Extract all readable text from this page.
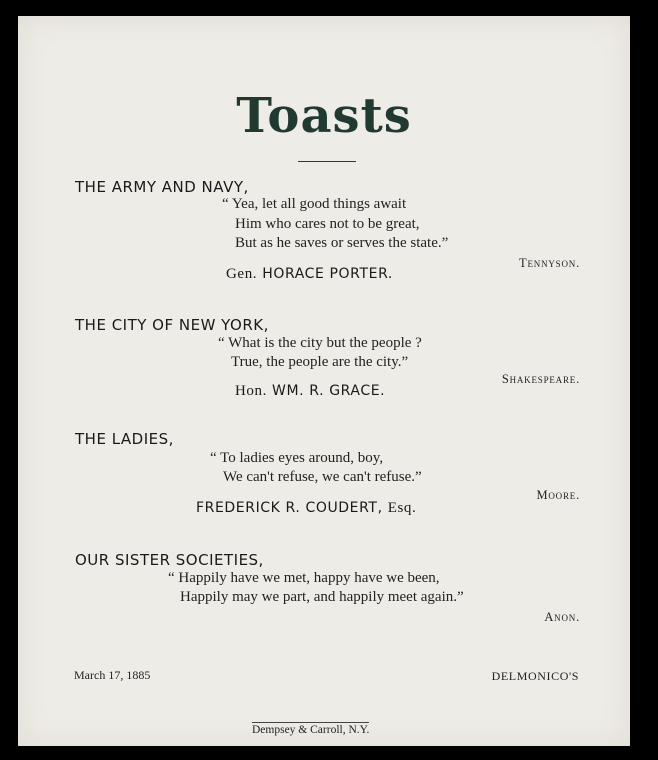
Toasts
THE ARMY AND NAVY,
“ Yea, let all good things await
Him who cares not to be great,
But as he saves or serves the state.”
Tennyson.
Gen. HORACE PORTER.
THE CITY OF NEW YORK,
“ What is the city but the people ?
True, the people are the city.”
Shakespeare.
Hon. WM. R. GRACE.
THE LADIES,
“ To ladies eyes around, boy,
We can't refuse, we can't refuse.”
Moore.
FREDERICK R. COUDERT, Esq.
OUR SISTER SOCIETIES,
“ Happily have we met, happy have we been,
Happily may we part, and happily meet again.”
Anon.
March 17, 1885	DELMONICO'S
Dempsey & Carroll, N.Y.
